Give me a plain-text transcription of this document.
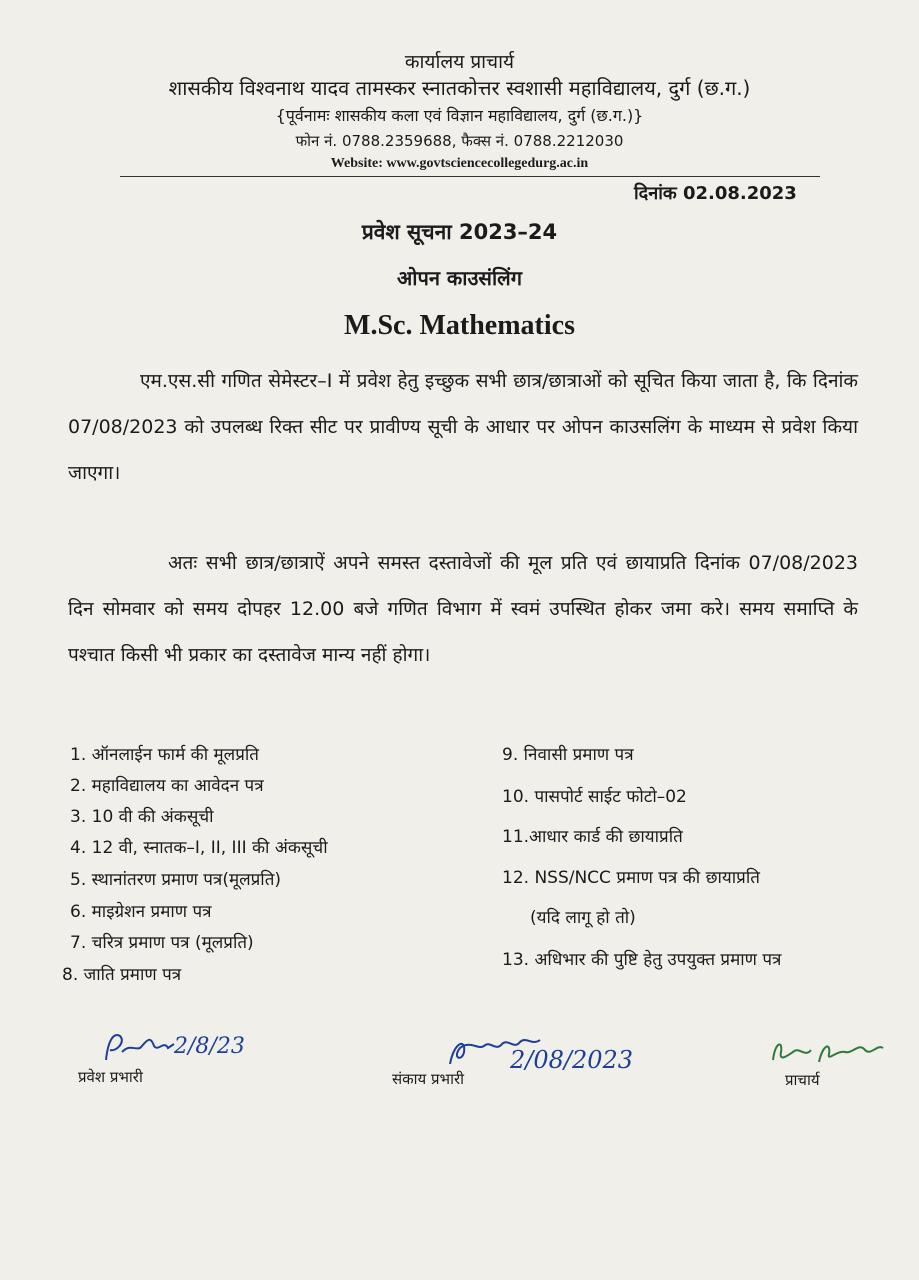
कार्यालय प्राचार्य
शासकीय विश्वनाथ यादव तामस्कर स्नातकोत्तर स्वशासी महाविद्यालय, दुर्ग (छ.ग.)
{पूर्वनामः शासकीय कला एवं विज्ञान महाविद्यालय, दुर्ग (छ.ग.)}
फोन नं. 0788.2359688, फैक्स नं. 0788.2212030
Website: www.govtsciencecollegedurg.ac.in
दिनांक 02.08.2023
प्रवेश सूचना 2023–24
ओपन काउसंलिंग
M.Sc. Mathematics

एम.एस.सी गणित सेमेस्टर–I में प्रवेश हेतु इच्छुक सभी छात्र/छात्राओं को सूचित किया जाता है, कि दिनांक 07/08/2023 को उपलब्ध रिक्त सीट पर प्रावीण्य सूची के आधार पर ओपन काउसलिंग के माध्यम से प्रवेश किया जाएगा।

अतः सभी छात्र/छात्राऐं अपने समस्त दस्तावेजों की मूल प्रति एवं छायाप्रति दिनांक 07/08/2023 दिन सोमवार को समय दोपहर 12.00 बजे गणित विभाग में स्वमं उपस्थित होकर जमा करे। समय समाप्ति के पश्चात किसी भी प्रकार का दस्तावेज मान्य नहीं होगा।

1. ऑनलाईन फार्म की मूलप्रति
2. महाविद्यालय का आवेदन पत्र
3. 10 वी की अंकसूची
4. 12 वी, स्नातक–I, II, III की अंकसूची
5. स्थानांतरण प्रमाण पत्र(मूलप्रति)
6. माइग्रेशन प्रमाण पत्र
7. चरित्र प्रमाण पत्र (मूलप्रति)
8. जाति प्रमाण पत्र
9. निवासी प्रमाण पत्र
10. पासपोर्ट साईट फोटो–02
11.आधार कार्ड की छायाप्रति
12. NSS/NCC प्रमाण पत्र की छायाप्रति
(यदि लागू हो तो)
13. अधिभार की पुष्टि हेतु उपयुक्त प्रमाण पत्र
2/8/23	2/08/2023
प्रवेश प्रभारी	संकाय प्रभारी	प्राचार्य
